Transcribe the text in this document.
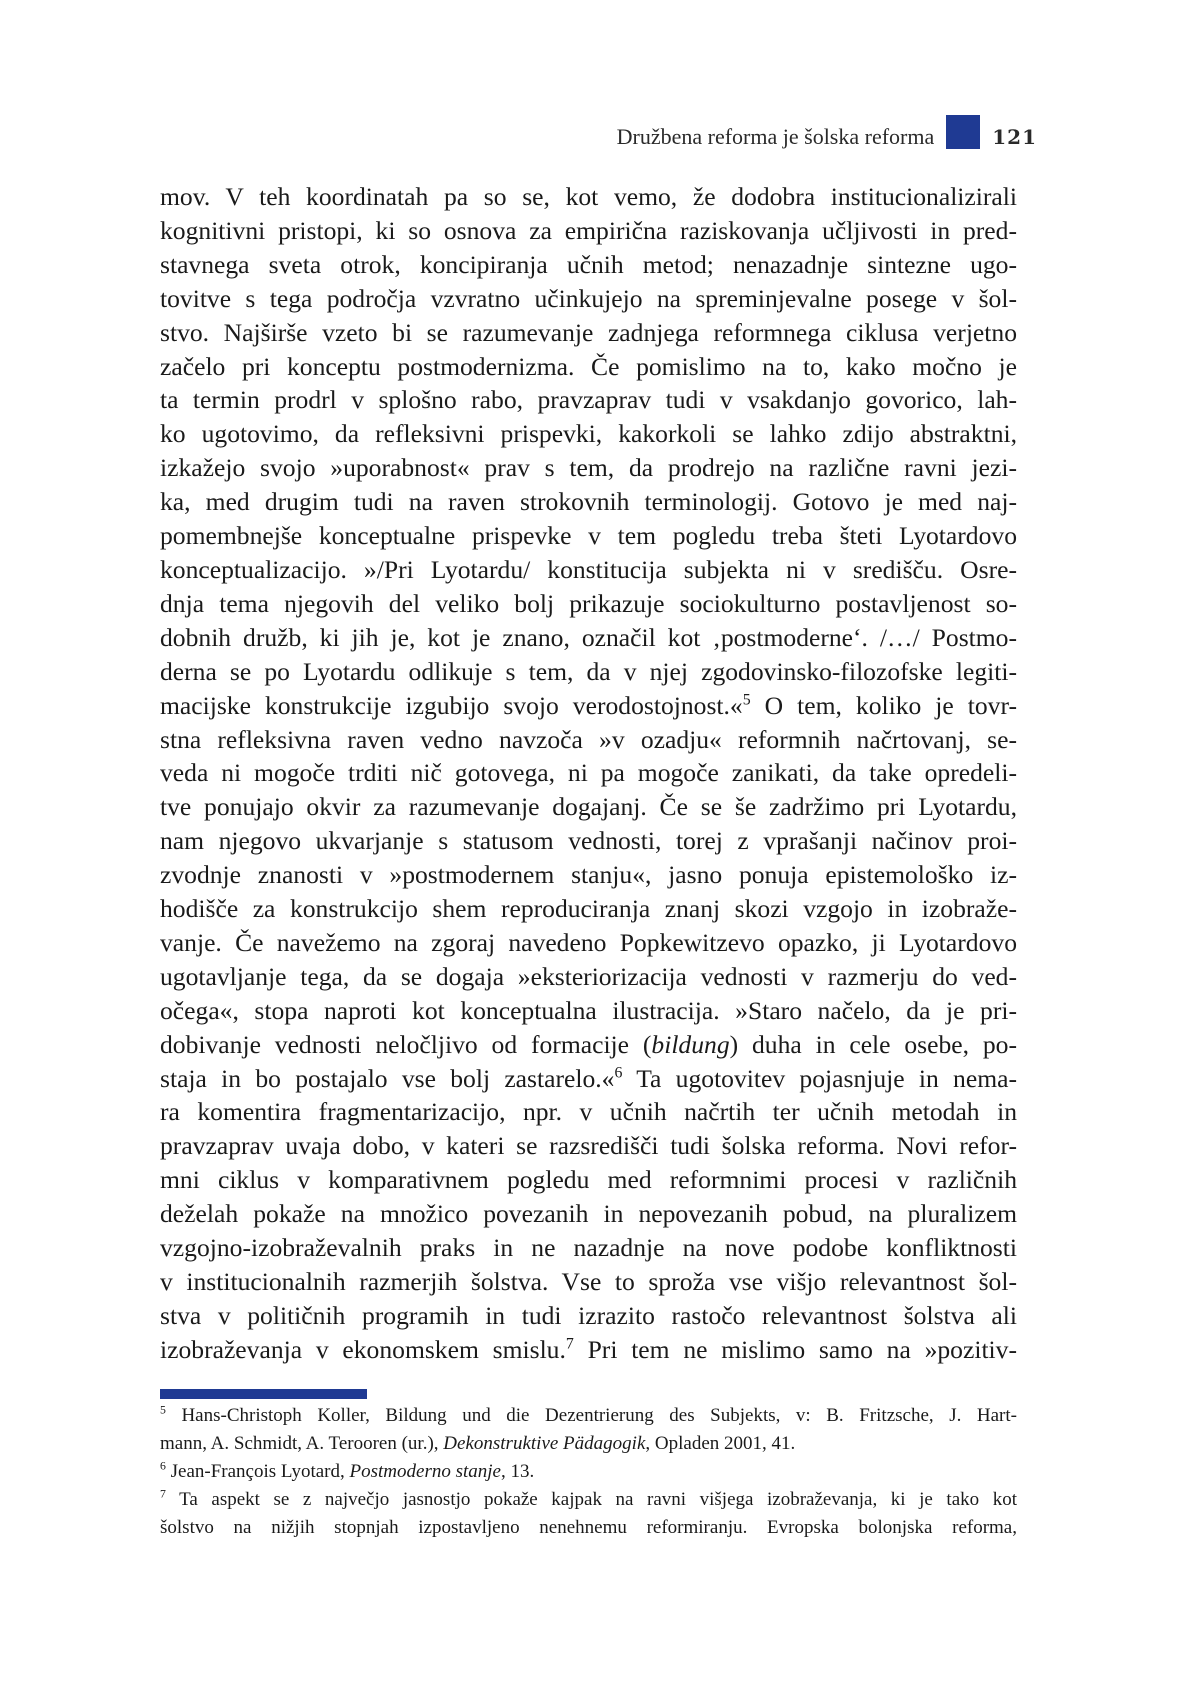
Družbena reforma je šolska reforma	121
mov. V teh koordinatah pa so se, kot vemo, že dodobra institucionalizirali
kognitivni pristopi, ki so osnova za empirična raziskovanja učljivosti in pred-
stavnega sveta otrok, koncipiranja učnih metod; nenazadnje sintezne ugo-
tovitve s tega področja vzvratno učinkujejo na spreminjevalne posege v šol-
stvo. Najširše vzeto bi se razumevanje zadnjega reformnega ciklusa verjetno
začelo pri konceptu postmodernizma. Če pomislimo na to, kako močno je
ta termin prodrl v splošno rabo, pravzaprav tudi v vsakdanjo govorico, lah-
ko ugotovimo, da refleksivni prispevki, kakorkoli se lahko zdijo abstraktni,
izkažejo svojo »uporabnost« prav s tem, da prodrejo na različne ravni jezi-
ka, med drugim tudi na raven strokovnih terminologij. Gotovo je med naj-
pomembnejše konceptualne prispevke v tem pogledu treba šteti Lyotardovo
konceptualizacijo. »/Pri Lyotardu/ konstitucija subjekta ni v središču. Osre-
dnja tema njegovih del veliko bolj prikazuje sociokulturno postavljenost so-
dobnih družb, ki jih je, kot je znano, označil kot ‚postmoderne‘. /…/ Postmo-
derna se po Lyotardu odlikuje s tem, da v njej zgodovinsko-filozofske legiti-
macijske konstrukcije izgubijo svojo verodostojnost.«$^5$ O tem, koliko je tovr-
stna refleksivna raven vedno navzoča »v ozadju« reformnih načrtovanj, se-
veda ni mogoče trditi nič gotovega, ni pa mogoče zanikati, da take opredeli-
tve ponujajo okvir za razumevanje dogajanj. Če se še zadržimo pri Lyotardu,
nam njegovo ukvarjanje s statusom vednosti, torej z vprašanji načinov proi-
zvodnje znanosti v »postmodernem stanju«, jasno ponuja epistemološko iz-
hodišče za konstrukcijo shem reproduciranja znanj skozi vzgojo in izobraže-
vanje. Če navežemo na zgoraj navedeno Popkewitzevo opazko, ji Lyotardovo
ugotavljanje tega, da se dogaja »eksteriorizacija vednosti v razmerju do ved-
očega«, stopa naproti kot konceptualna ilustracija. »Staro načelo, da je pri-
dobivanje vednosti neločljivo od formacije (bildung) duha in cele osebe, po-
staja in bo postajalo vse bolj zastarelo.«$^6$ Ta ugotovitev pojasnjuje in nema-
ra komentira fragmentarizacijo, npr. v učnih načrtih ter učnih metodah in
pravzaprav uvaja dobo, v kateri se razsredišči tudi šolska reforma. Novi refor-
mni ciklus v komparativnem pogledu med reformnimi procesi v različnih
deželah pokaže na množico povezanih in nepovezanih pobud, na pluralizem
vzgojno-izobraževalnih praks in ne nazadnje na nove podobe konfliktnosti
v institucionalnih razmerjih šolstva. Vse to sproža vse višjo relevantnost šol-
stva v političnih programih in tudi izrazito rastočo relevantnost šolstva ali
izobraževanja v ekonomskem smislu.$^7$ Pri tem ne mislimo samo na »pozitiv-
$^5$ Hans-Christoph Koller, Bildung und die Dezentrierung des Subjekts, v: B. Fritzsche, J. Hart-
mann, A. Schmidt, A. Terooren (ur.), Dekonstruktive Pädagogik, Opladen 2001, 41.
$^6$ Jean-François Lyotard, Postmoderno stanje, 13.
$^7$ Ta aspekt se z največjo jasnostjo pokaže kajpak na ravni višjega izobraževanja, ki je tako kot
šolstvo na nižjih stopnjah izpostavljeno nenehnemu reformiranju. Evropska bolonjska reforma,
